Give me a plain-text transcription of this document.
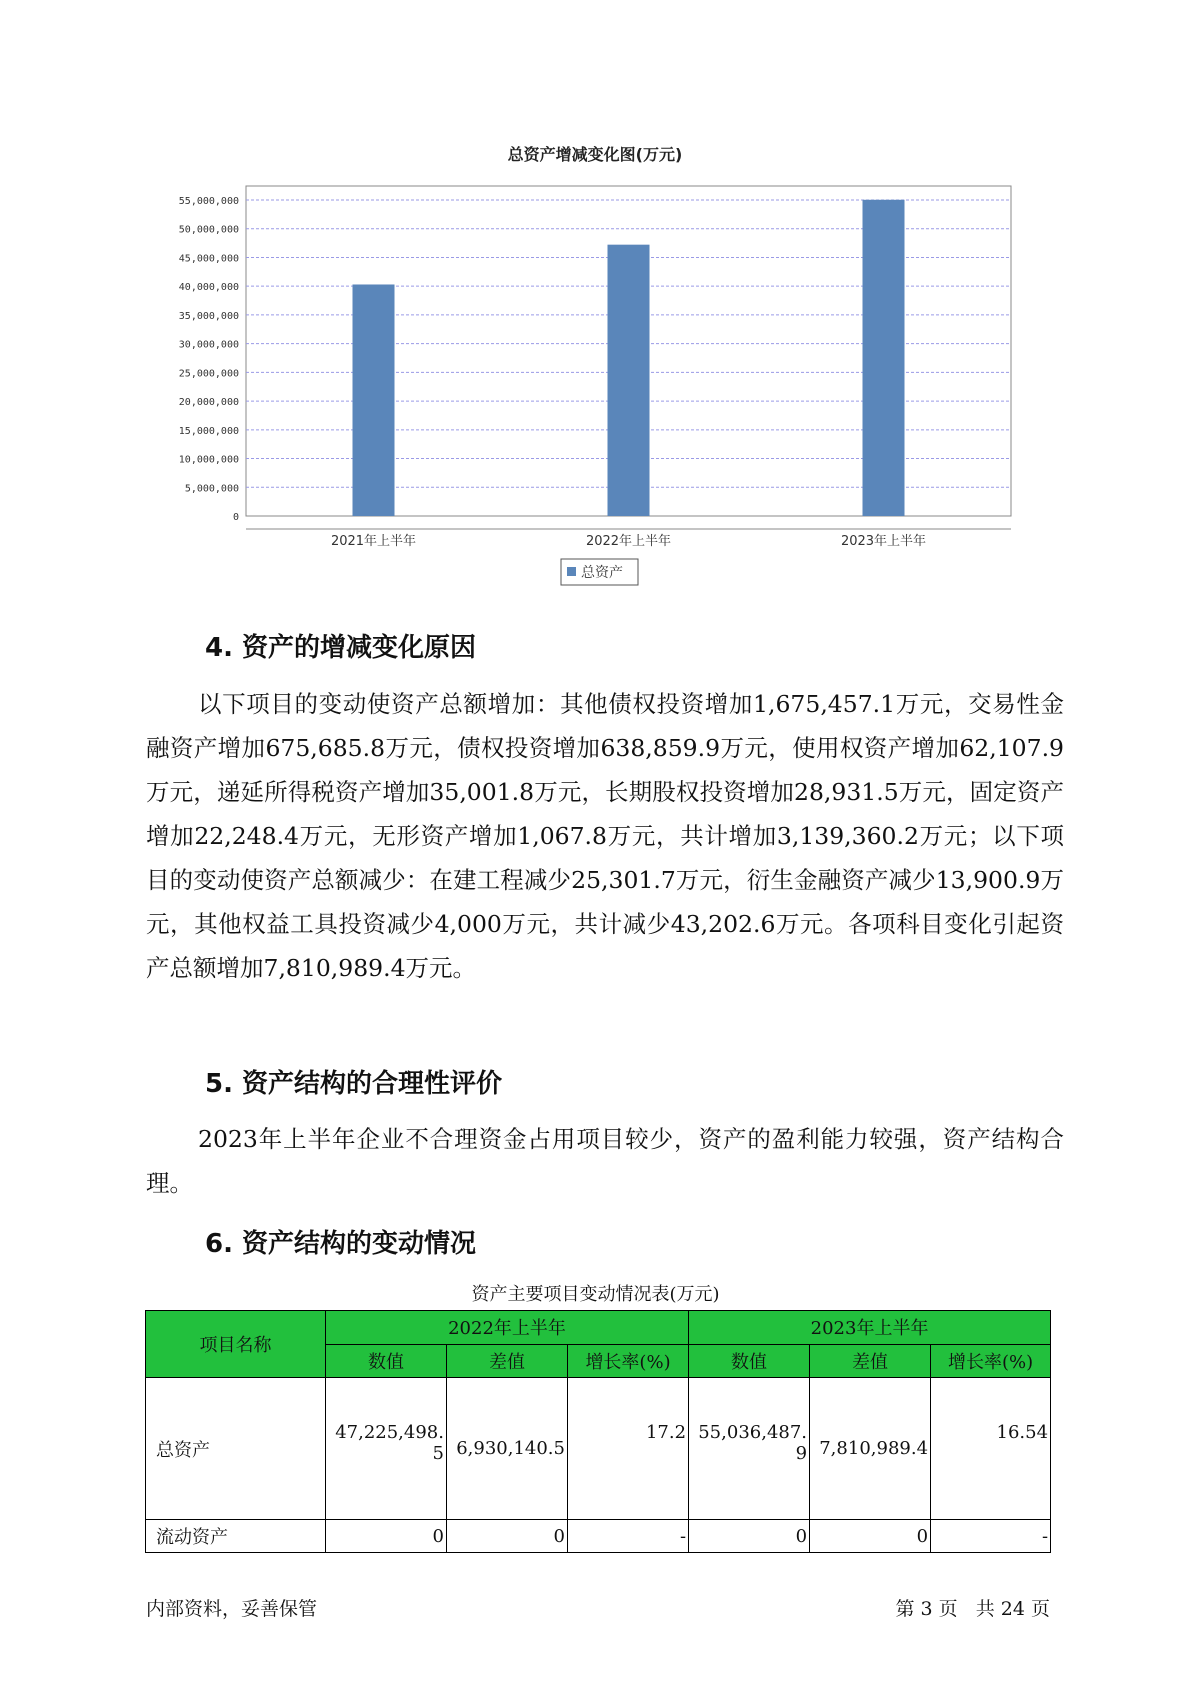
总资产增减变化图(万元)
0
5,000,000
10,000,000
15,000,000
20,000,000
25,000,000
30,000,000
35,000,000
40,000,000
45,000,000
50,000,000
55,000,000
2021年上半年	2022年上半年	2023年上半年
总资产
4. 资产的增减变化原因

以下项目的变动使资产总额增加：其他债权投资增加1,675,457.1万元，交易性金融资产增加675,685.8万元，债权投资增加638,859.9万元，使用权资产增加62,107.9万元，递延所得税资产增加35,001.8万元，长期股权投资增加28,931.5万元，固定资产增加22,248.4万元，无形资产增加1,067.8万元，共计增加3,139,360.2万元；以下项目的变动使资产总额减少：在建工程减少25,301.7万元，衍生金融资产减少13,900.9万元，其他权益工具投资减少4,000万元，共计减少43,202.6万元。各项科目变化引起资产总额增加7,810,989.4万元。

5. 资产结构的合理性评价

2023年上半年企业不合理资金占用项目较少，资产的盈利能力较强，资产结构合理。

6. 资产结构的变动情况
资产主要项目变动情况表(万元)
项目名称	2022年上半年			2023年上半年		
	数值	差值	增长率(%)	数值	差值	增长率(%)
总资产	47,225,498.5	6,930,140.5	17.2	55,036,487.9	7,810,989.4	16.54
流动资产	0	0	-	0	0	-
内部资料，妥善保管	第 3 页   共 24 页
